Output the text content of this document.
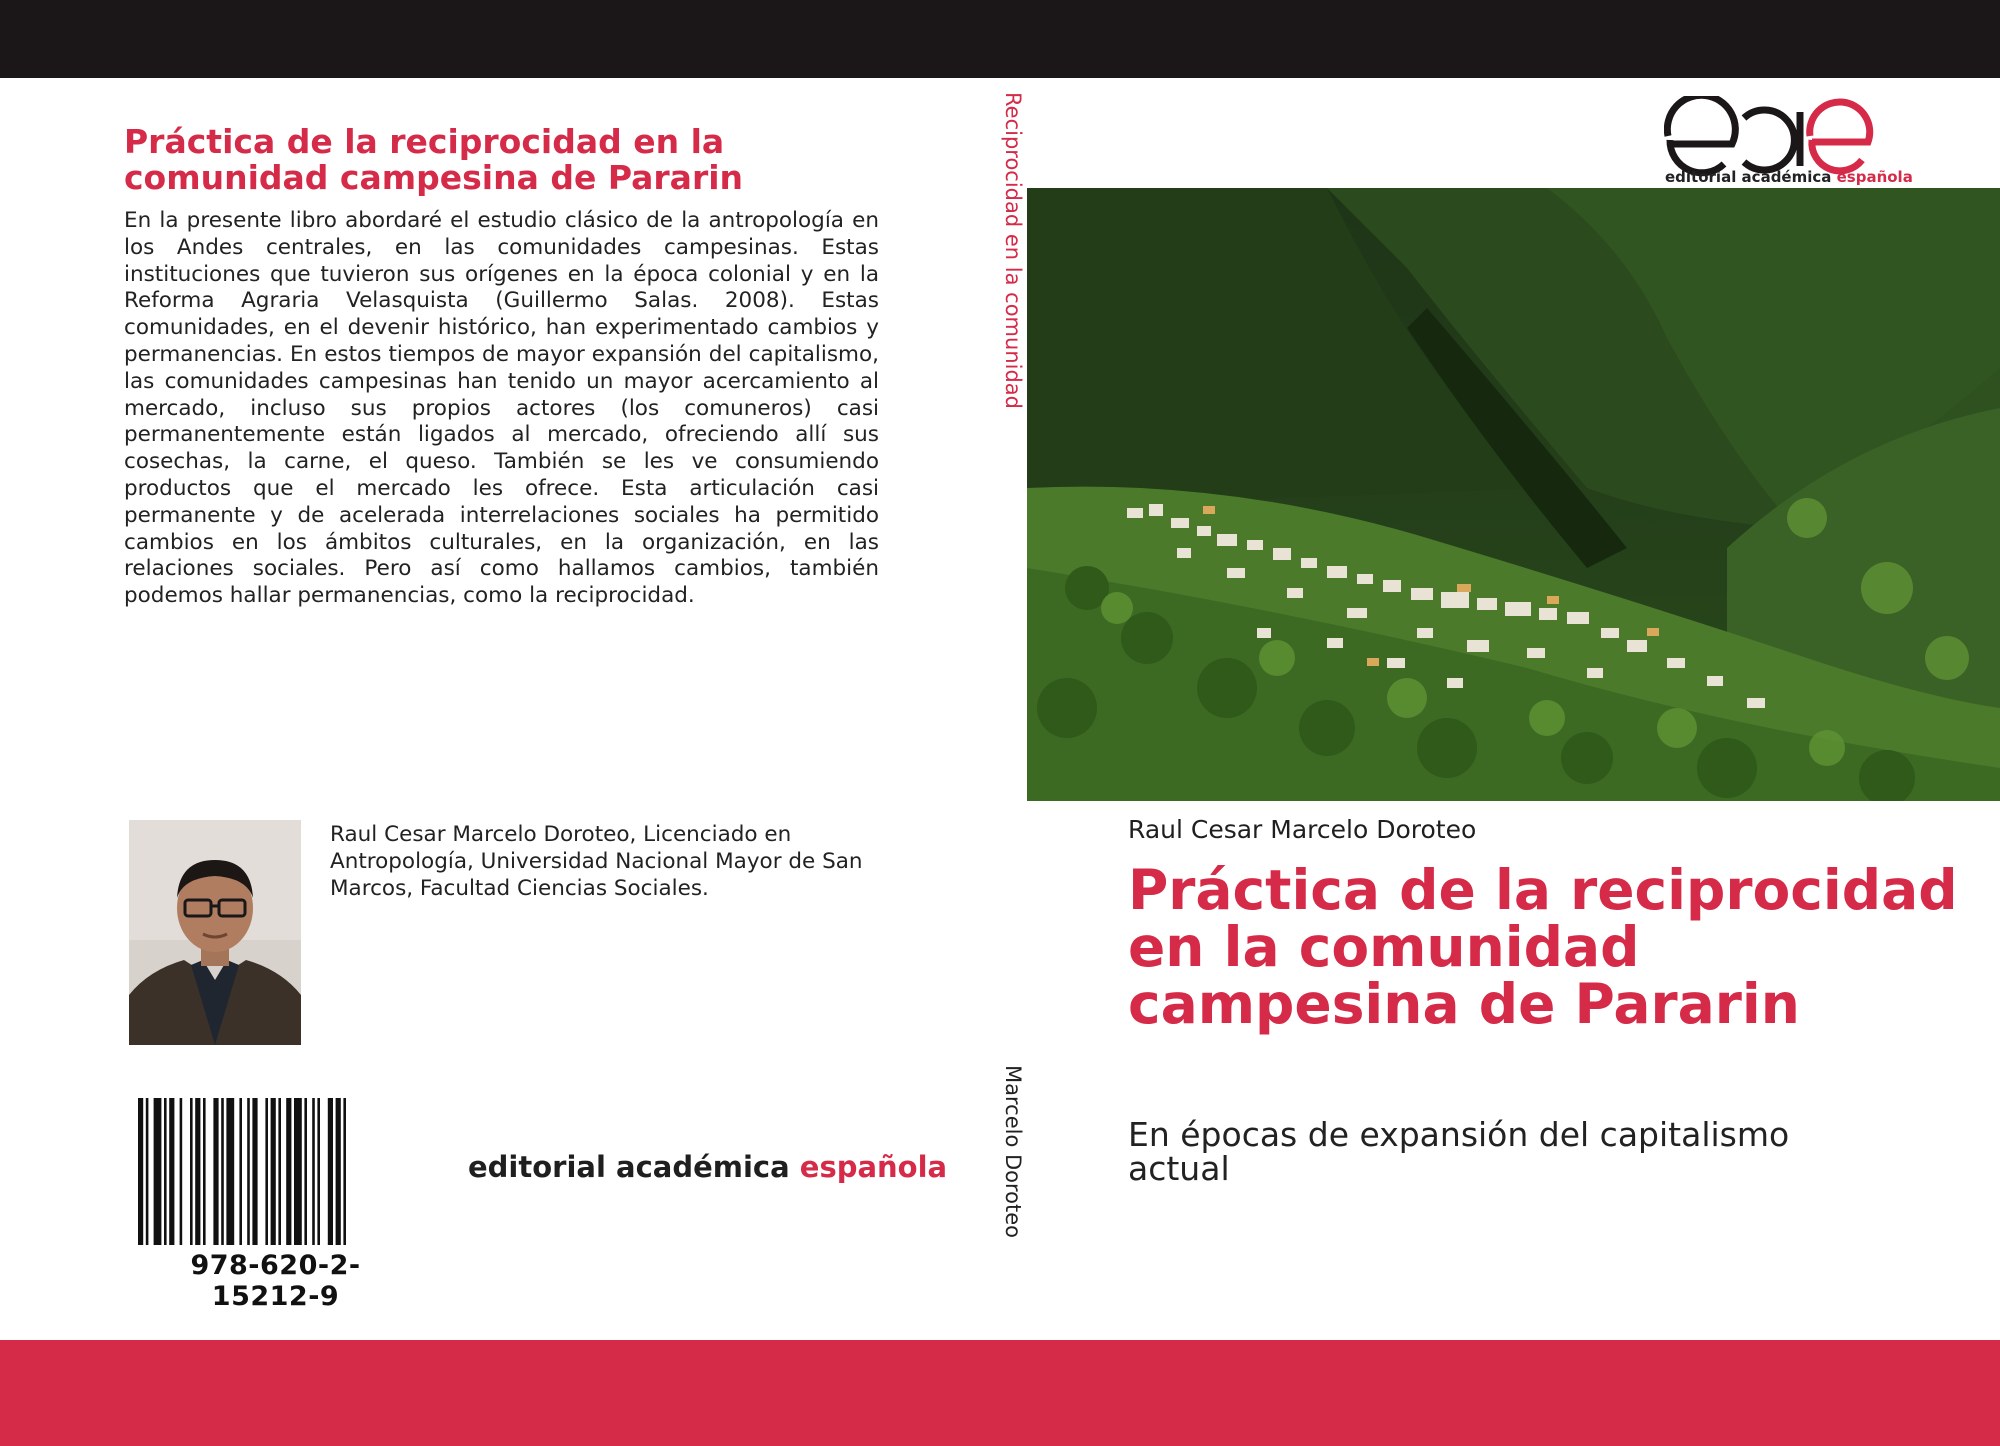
Práctica de la reciprocidad en la comunidad campesina de Pararin

En la presente libro abordaré el estudio clásico de la antropología en los Andes centrales, en las comunidades campesinas. Estas instituciones que tuvieron sus orígenes en la época colonial y en la Reforma Agraria Velasquista (Guillermo Salas. 2008). Estas comunidades, en el devenir histórico, han experimentado cambios y permanencias. En estos tiempos de mayor expansión del capitalismo, las comunidades campesinas han tenido un mayor acercamiento al mercado, incluso sus propios actores (los comuneros) casi permanentemente están ligados al mercado, ofreciendo allí sus cosechas, la carne, el queso. También se les ve consumiendo productos que el mercado les ofrece. Esta articulación casi permanente y de acelerada interrelaciones sociales ha permitido cambios en los ámbitos culturales, en la organización, en las relaciones sociales. Pero así como hallamos cambios, también podemos hallar permanencias, como la reciprocidad.

Raul Cesar Marcelo Doroteo, Licenciado en Antropología, Universidad Nacional Mayor de San Marcos, Facultad Ciencias Sociales.

978-620-2-15212-9
editorial académica española
Reciprocidad en la comunidad
Marcelo Doroteo
editorial académica española
Raul Cesar Marcelo Doroteo
Práctica de la reciprocidad en la comunidad campesina de Pararin

En épocas de expansión del capitalismo actual
